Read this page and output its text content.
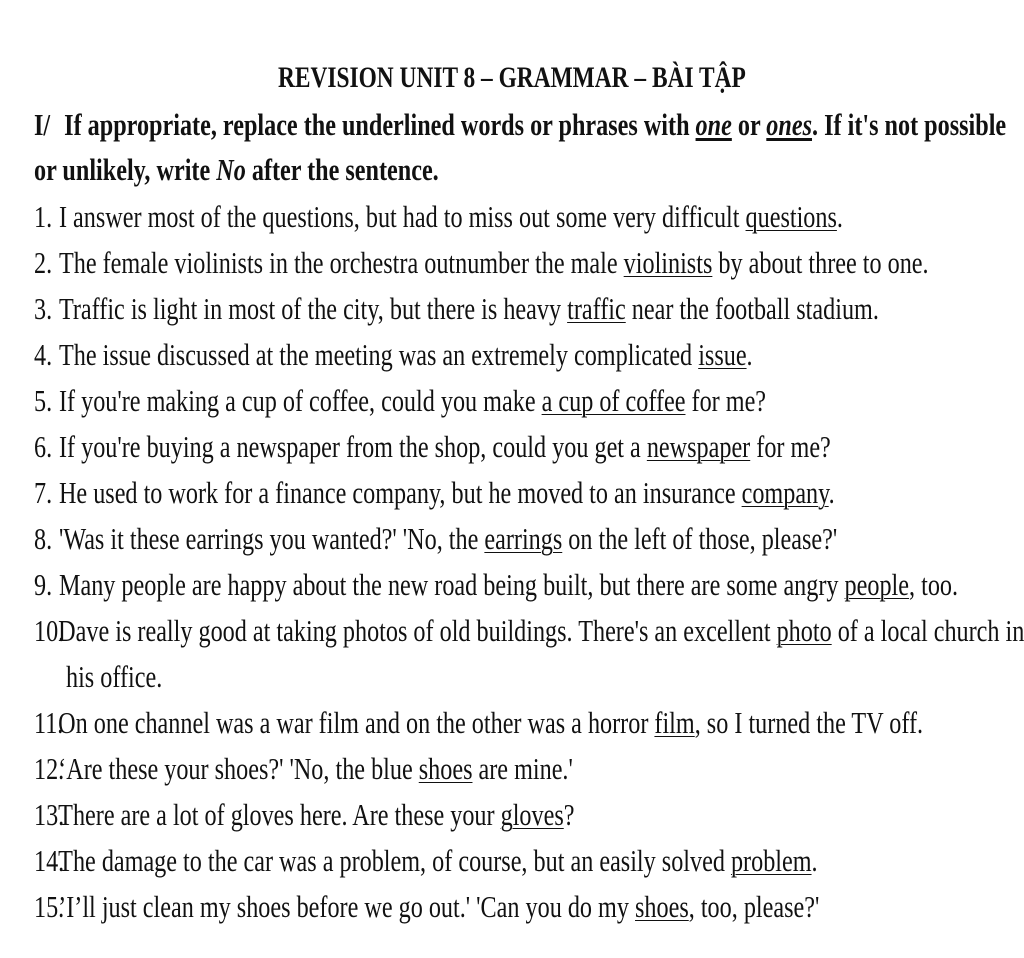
REVISION UNIT 8 – GRAMMAR – BÀI TẬP
I/ If appropriate, replace the underlined words or phrases with one or ones. If it's not possible
or unlikely, write No after the sentence.
1. I answer most of the questions, but had to miss out some very difficult questions.
2. The female violinists in the orchestra outnumber the male violinists by about three to one.
3. Traffic is light in most of the city, but there is heavy traffic near the football stadium.
4. The issue discussed at the meeting was an extremely complicated issue.
5. If you're making a cup of coffee, could you make a cup of coffee for me?
6. If you're buying a newspaper from the shop, could you get a newspaper for me?
7. He used to work for a finance company, but he moved to an insurance company.
8. 'Was it these earrings you wanted?' 'No, the earrings on the left of those, please?'
9. Many people are happy about the new road being built, but there are some angry people, too.
10.Dave is really good at taking photos of old buildings. There's an excellent photo of a local church in
his office.
11.On one channel was a war film and on the other was a horror film, so I turned the TV off.
12.‘Are these your shoes?' 'No, the blue shoes are mine.'
13.There are a lot of gloves here. Are these your gloves?
14.The damage to the car was a problem, of course, but an easily solved problem.
15.’I’ll just clean my shoes before we go out.' 'Can you do my shoes, too, please?'
